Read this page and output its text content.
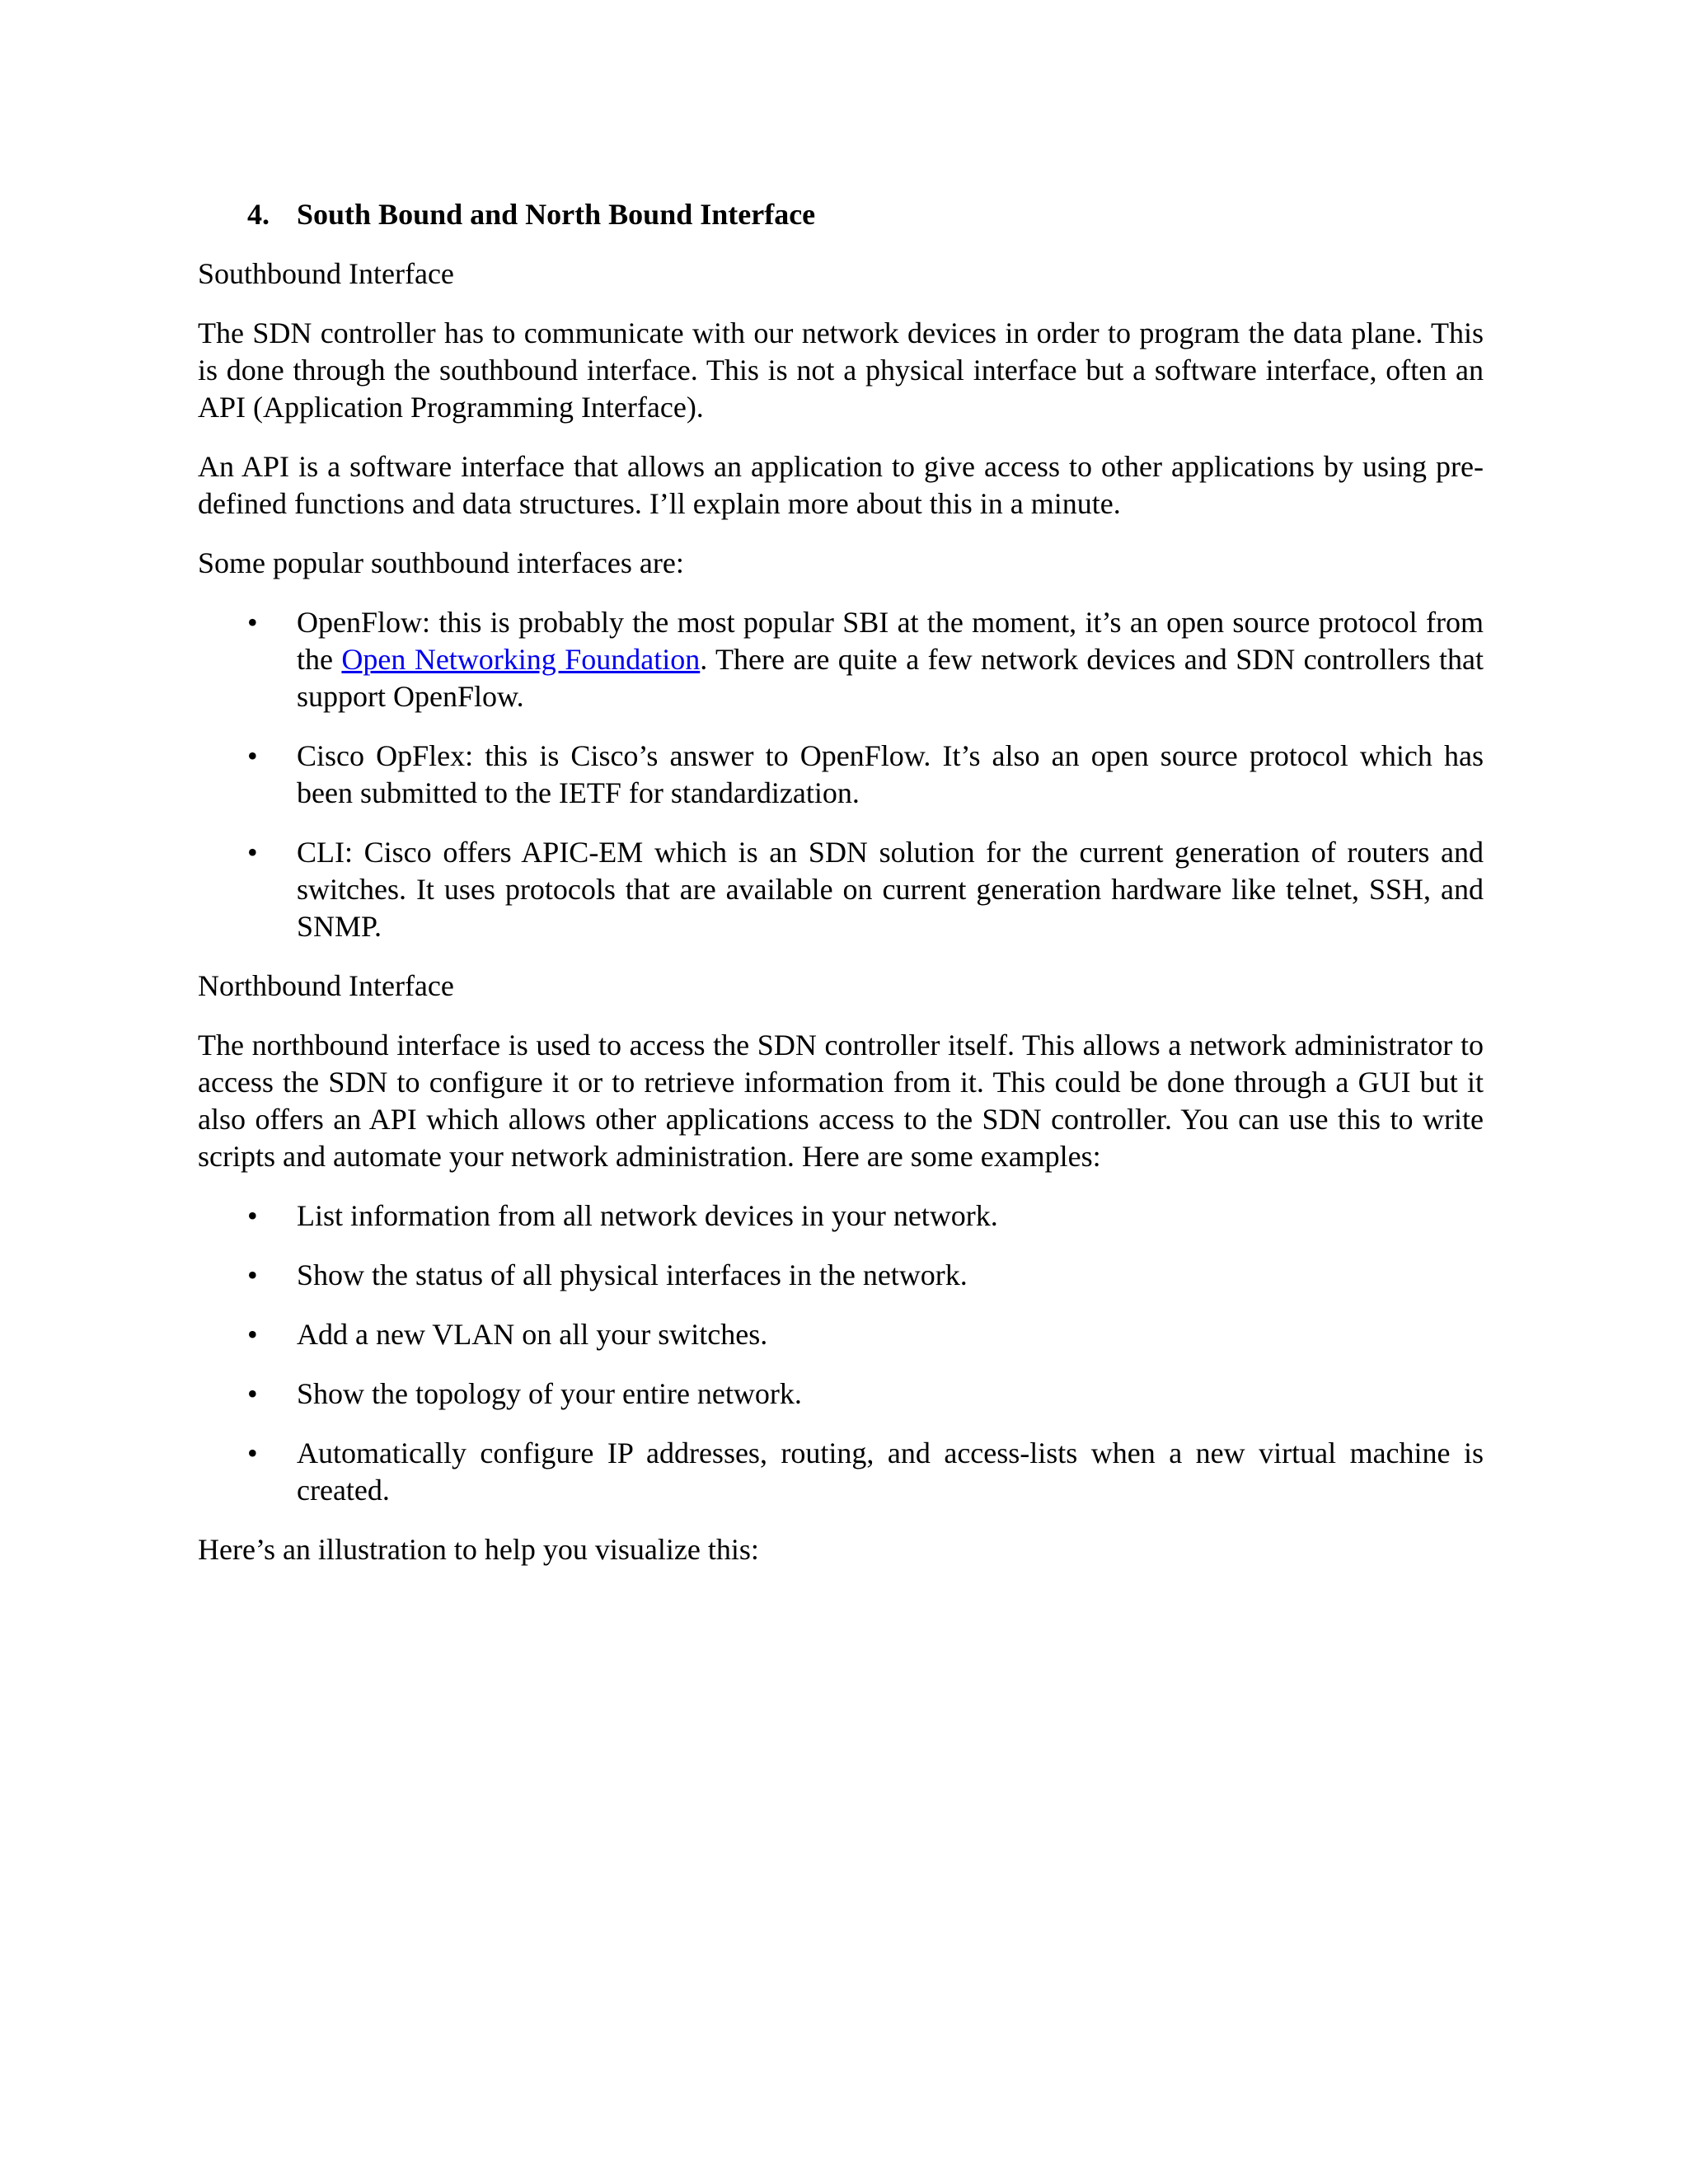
4. South Bound and North Bound Interface
Southbound Interface

The SDN controller has to communicate with our network devices in order to program the data plane. This is done through the southbound interface. This is not a physical interface but a software interface, often an API (Application Programming Interface).

An API is a software interface that allows an application to give access to other applications by using pre-defined functions and data structures. I’ll explain more about this in a minute.

Some popular southbound interfaces are:

•	OpenFlow: this is probably the most popular SBI at the moment, it’s an open source protocol from the Open Networking Foundation. There are quite a few network devices and SDN controllers that support OpenFlow.
•	Cisco OpFlex: this is Cisco’s answer to OpenFlow. It’s also an open source protocol which has been submitted to the IETF for standardization.
•	CLI: Cisco offers APIC-EM which is an SDN solution for the current generation of routers and switches. It uses protocols that are available on current generation hardware like telnet, SSH, and SNMP.
Northbound Interface

The northbound interface is used to access the SDN controller itself. This allows a network administrator to access the SDN to configure it or to retrieve information from it. This could be done through a GUI but it also offers an API which allows other applications access to the SDN controller. You can use this to write scripts and automate your network administration. Here are some examples:

•	List information from all network devices in your network.
•	Show the status of all physical interfaces in the network.
•	Add a new VLAN on all your switches.
•	Show the topology of your entire network.
•	Automatically configure IP addresses, routing, and access-lists when a new virtual machine is created.

Here’s an illustration to help you visualize this:
